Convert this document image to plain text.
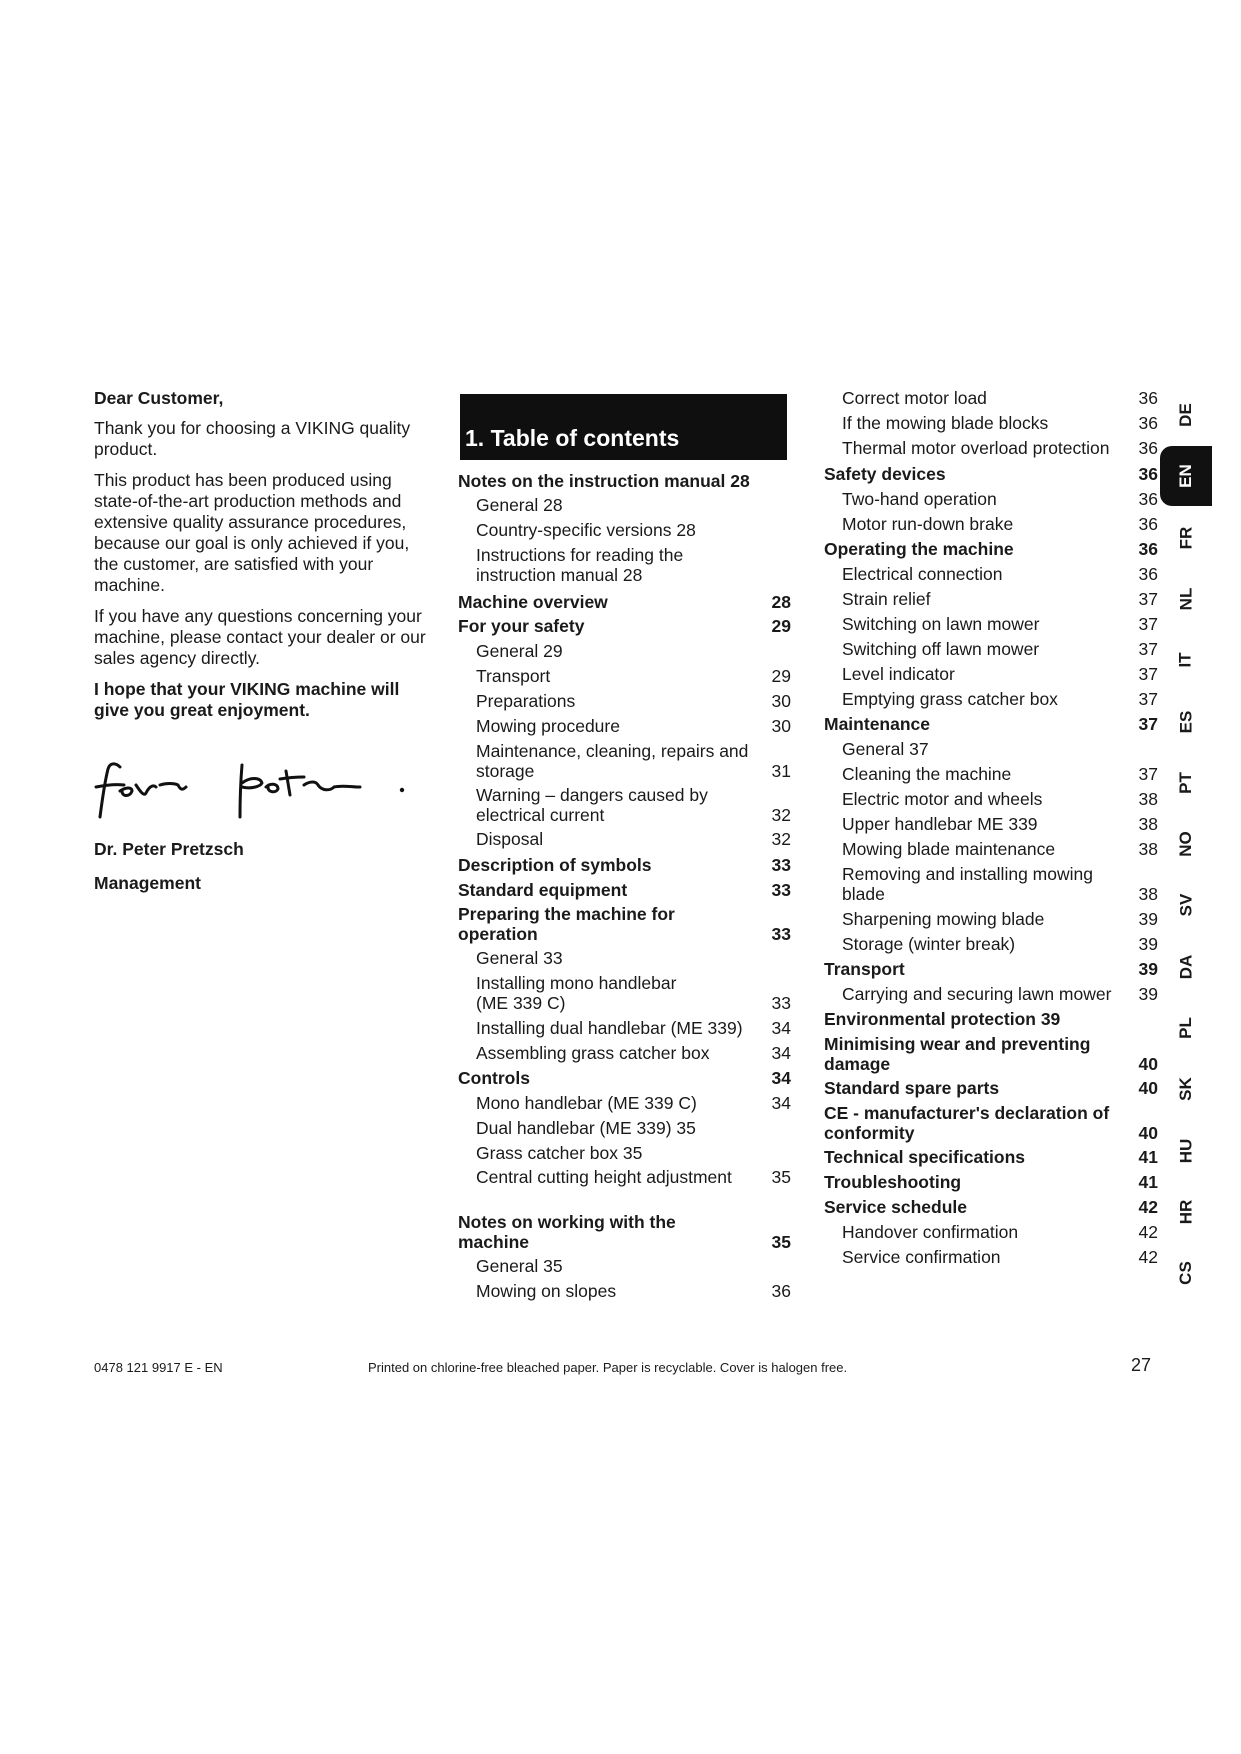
Dear Customer,

Thank you for choosing a VIKING quality product.

This product has been produced using state-of-the-art production methods and extensive quality assurance procedures, because our goal is only achieved if you, the customer, are satisfied with your machine.

If you have any questions concerning your machine, please contact your dealer or our sales agency directly.

I hope that your VIKING machine will give you great enjoyment.

Dr. Peter Pretzsch

Management

1. Table of contents
Notes on the instruction manual 28
General 28
Country-specific versions 28
Instructions for reading the
instruction manual 28
Machine overview	28
For your safety	29
General 29
Transport	29
Preparations	30
Mowing procedure	30
Maintenance, cleaning, repairs and
storage	31
Warning – dangers caused by
electrical current	32
Disposal	32
Description of symbols	33
Standard equipment	33
Preparing the machine for
operation	33
General 33
Installing mono handlebar
(ME 339 C)	33
Installing dual handlebar (ME 339) 34
Assembling grass catcher box	34
Controls	34
Mono handlebar (ME 339 C)	34
Dual handlebar (ME 339) 35
Grass catcher box 35
Central cutting height adjustment 35
Notes on working with the
machine	35
General 35
Mowing on slopes	36
Correct motor load	36
If the mowing blade blocks	36
Thermal motor overload protection 36
Safety devices	36
Two-hand operation	36
Motor run-down brake	36
Operating the machine	36
Electrical connection	36
Strain relief	37
Switching on lawn mower	37
Switching off lawn mower	37
Level indicator	37
Emptying grass catcher box	37
Maintenance	37
General 37
Cleaning the machine	37
Electric motor and wheels	38
Upper handlebar ME 339	38
Mowing blade maintenance	38
Removing and installing mowing
blade	38
Sharpening mowing blade	39
Storage (winter break)	39
Transport	39
Carrying and securing lawn mower 39
Environmental protection 39
Minimising wear and preventing
damage	40
Standard spare parts	40
CE - manufacturer's declaration of
conformity	40
Technical specifications	41
Troubleshooting	41
Service schedule	42
Handover confirmation	42
Service confirmation	42
DE
EN
FR
NL
IT
ES
PT
NO
SV
DA
PL
SK
HU
HR
CS
0478 121 9917 E - EN	Printed on chlorine-free bleached paper. Paper is recyclable. Cover is halogen free.	27
